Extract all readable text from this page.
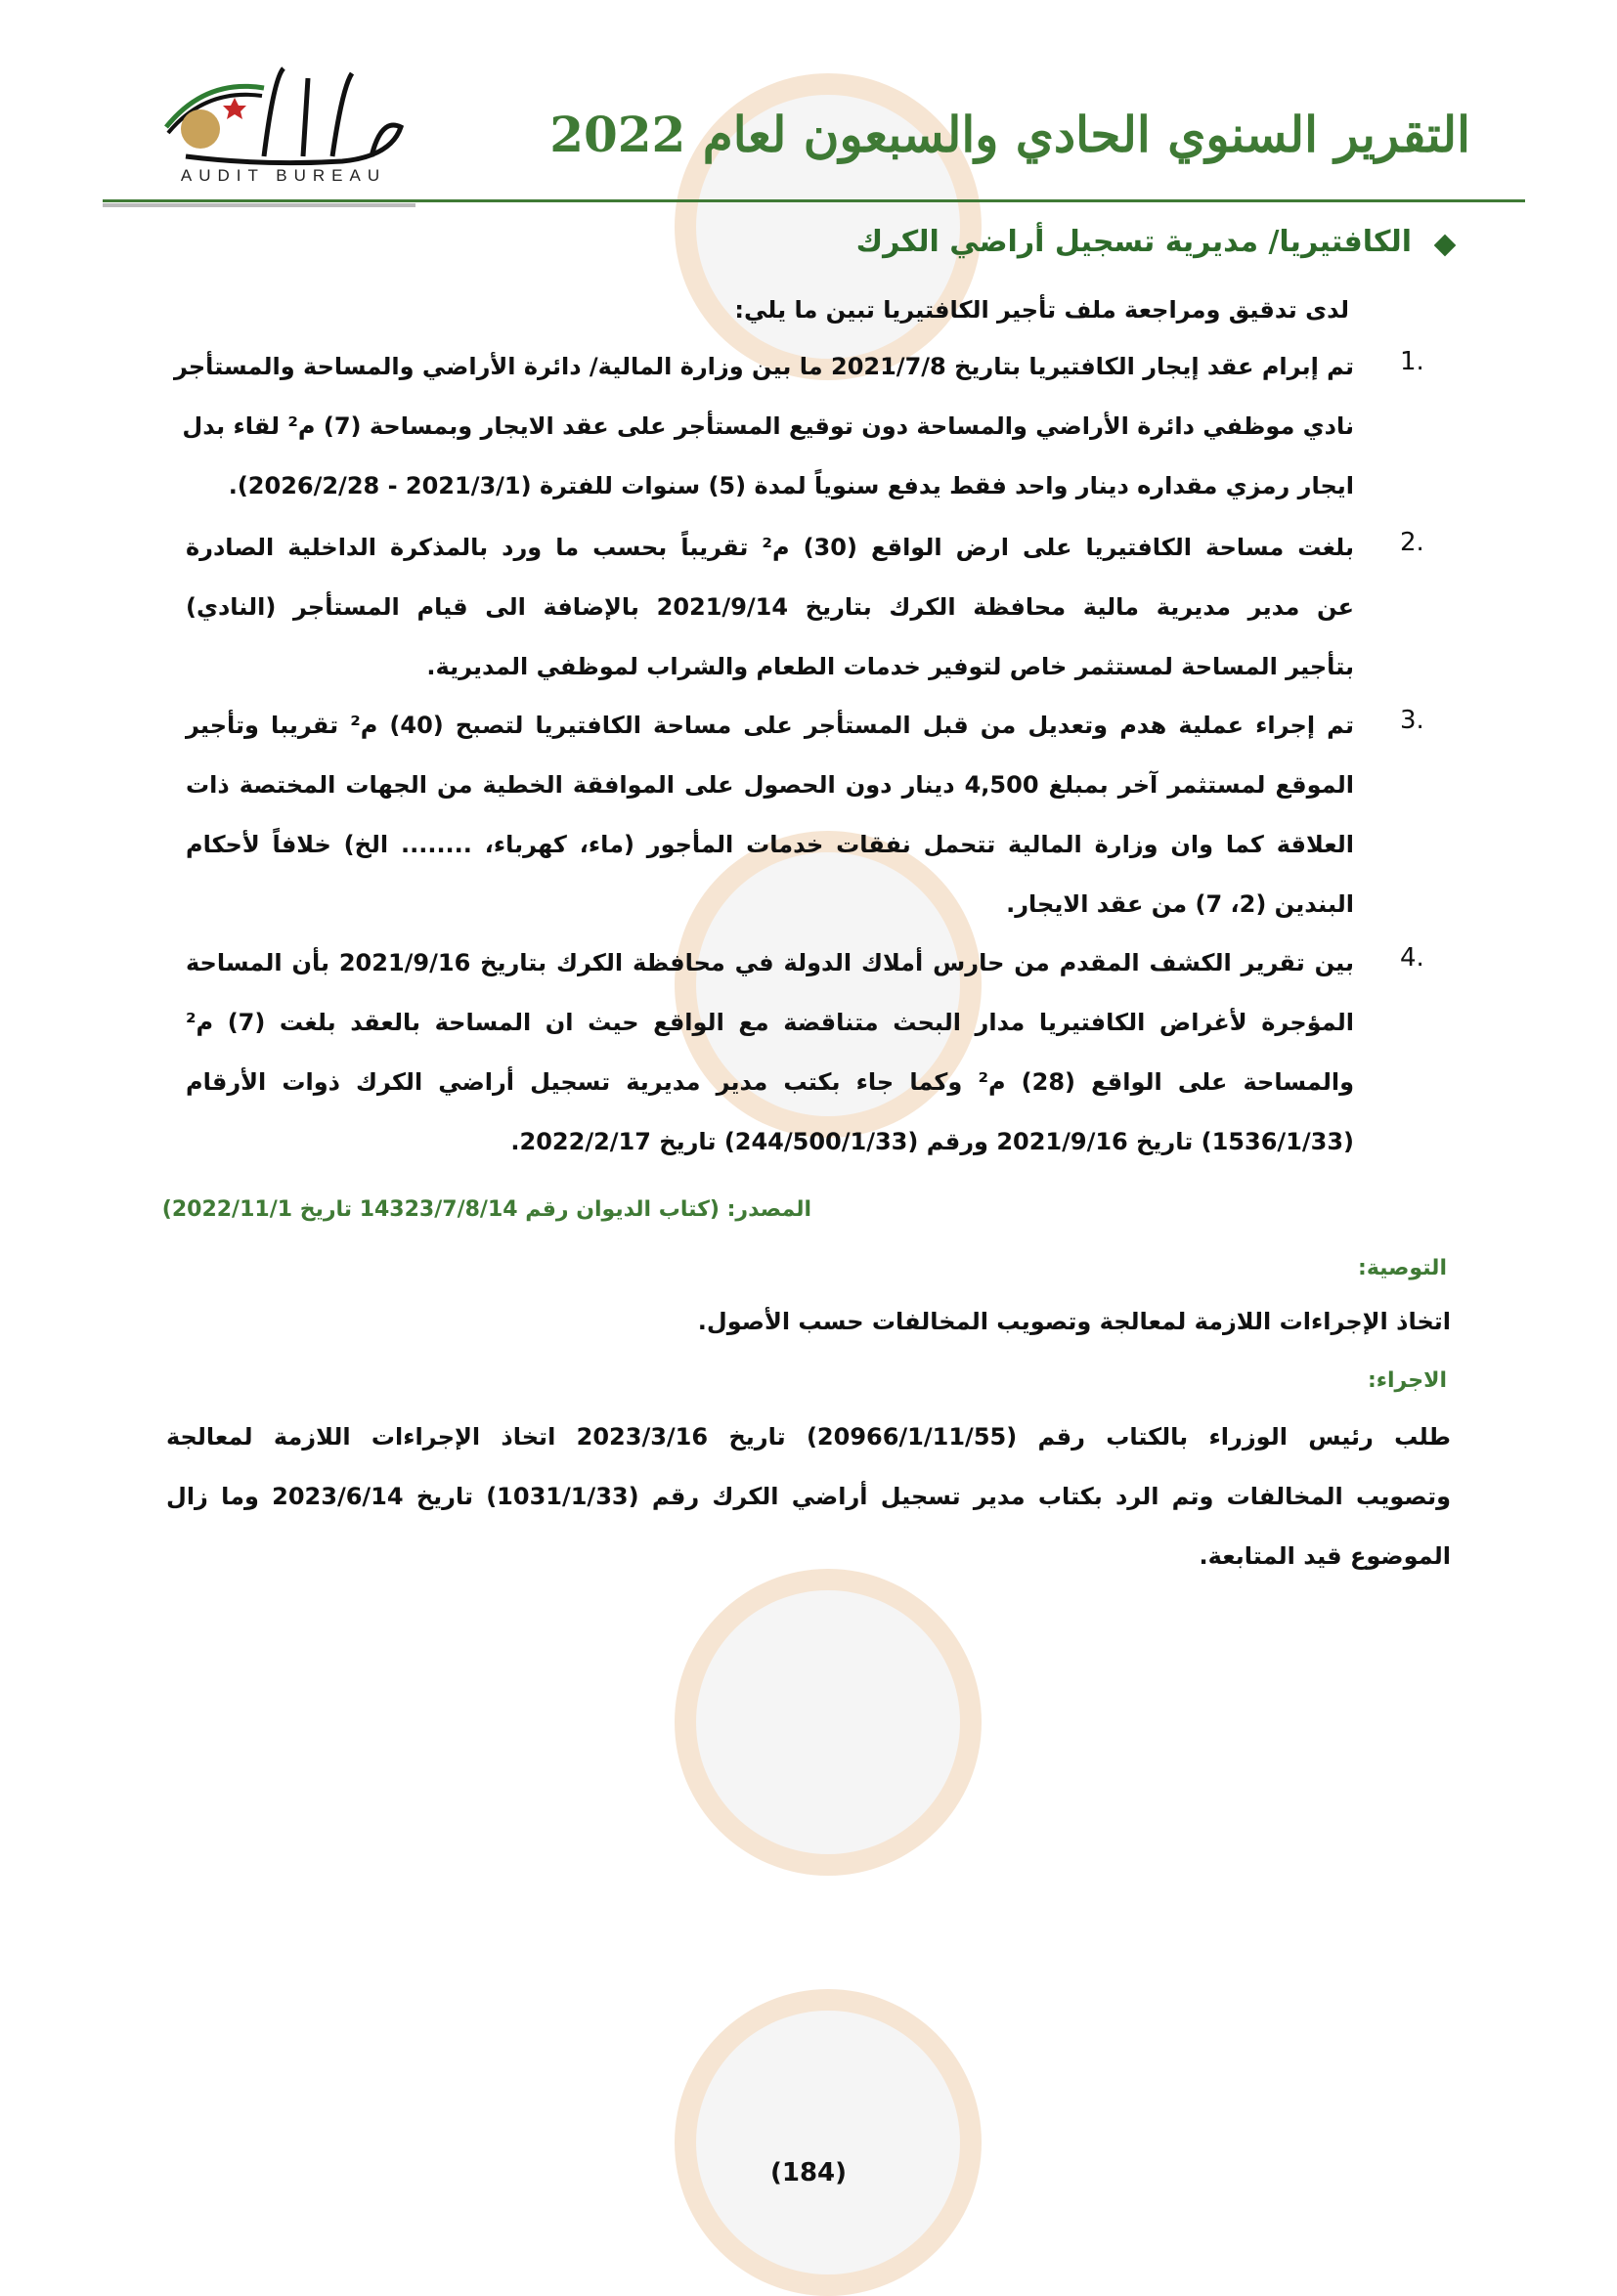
AUDIT BUREAU
التقرير السنوي الحادي والسبعون لعام 2022
الكافتيريا/ مديرية تسجيل أراضي الكرك
لدى تدقيق ومراجعة ملف تأجير الكافتيريا تبين ما يلي:
1.
تم إبرام عقد إيجار الكافتيريا بتاريخ 2021/7/8 ما بين وزارة المالية/ دائرة الأراضي والمساحة والمستأجر
نادي موظفي دائرة الأراضي والمساحة دون توقيع المستأجر على عقد الايجار وبمساحة (7) م² لقاء بدل
ايجار رمزي مقداره دينار واحد فقط يدفع سنوياً لمدة (5) سنوات للفترة (2021/3/1 - 2026/2/28).
2.
بلغت مساحة الكافتيريا على ارض الواقع (30) م² تقريباً بحسب ما ورد بالمذكرة الداخلية الصادرة
عن مدير مديرية مالية محافظة الكرك بتاريخ 2021/9/14 بالإضافة الى قيام المستأجر (النادي)
بتأجير المساحة لمستثمر خاص لتوفير خدمات الطعام والشراب لموظفي المديرية.
3.
تم إجراء عملية هدم وتعديل من قبل المستأجر على مساحة الكافتيريا لتصبح (40) م² تقريبا وتأجير
الموقع لمستثمر آخر بمبلغ 4,500 دينار دون الحصول على الموافقة الخطية من الجهات المختصة ذات
العلاقة كما وان وزارة المالية تتحمل نفقات خدمات المأجور (ماء، كهرباء، ........ الخ) خلافاً لأحكام
البندين (2، 7) من عقد الايجار.
4.
بين تقرير الكشف المقدم من حارس أملاك الدولة في محافظة الكرك بتاريخ 2021/9/16 بأن المساحة
المؤجرة لأغراض الكافتيريا مدار البحث متناقضة مع الواقع حيث ان المساحة بالعقد بلغت (7) م²
والمساحة على الواقع (28) م² وكما جاء بكتب مدير مديرية تسجيل أراضي الكرك ذوات الأرقام
(1536/1/33) تاريخ 2021/9/16 ورقم (244/500/1/33) تاريخ 2022/2/17.
المصدر: (كتاب الديوان رقم 14323/7/8/14 تاريخ 2022/11/1)
التوصية:
اتخاذ الإجراءات اللازمة لمعالجة وتصويب المخالفات حسب الأصول.
الاجراء:
طلب رئيس الوزراء بالكتاب رقم (20966/1/11/55) تاريخ 2023/3/16 اتخاذ الإجراءات اللازمة لمعالجة
وتصويب المخالفات وتم الرد بكتاب مدير تسجيل أراضي الكرك رقم (1031/1/33) تاريخ 2023/6/14 وما زال
الموضوع قيد المتابعة.
(184)
